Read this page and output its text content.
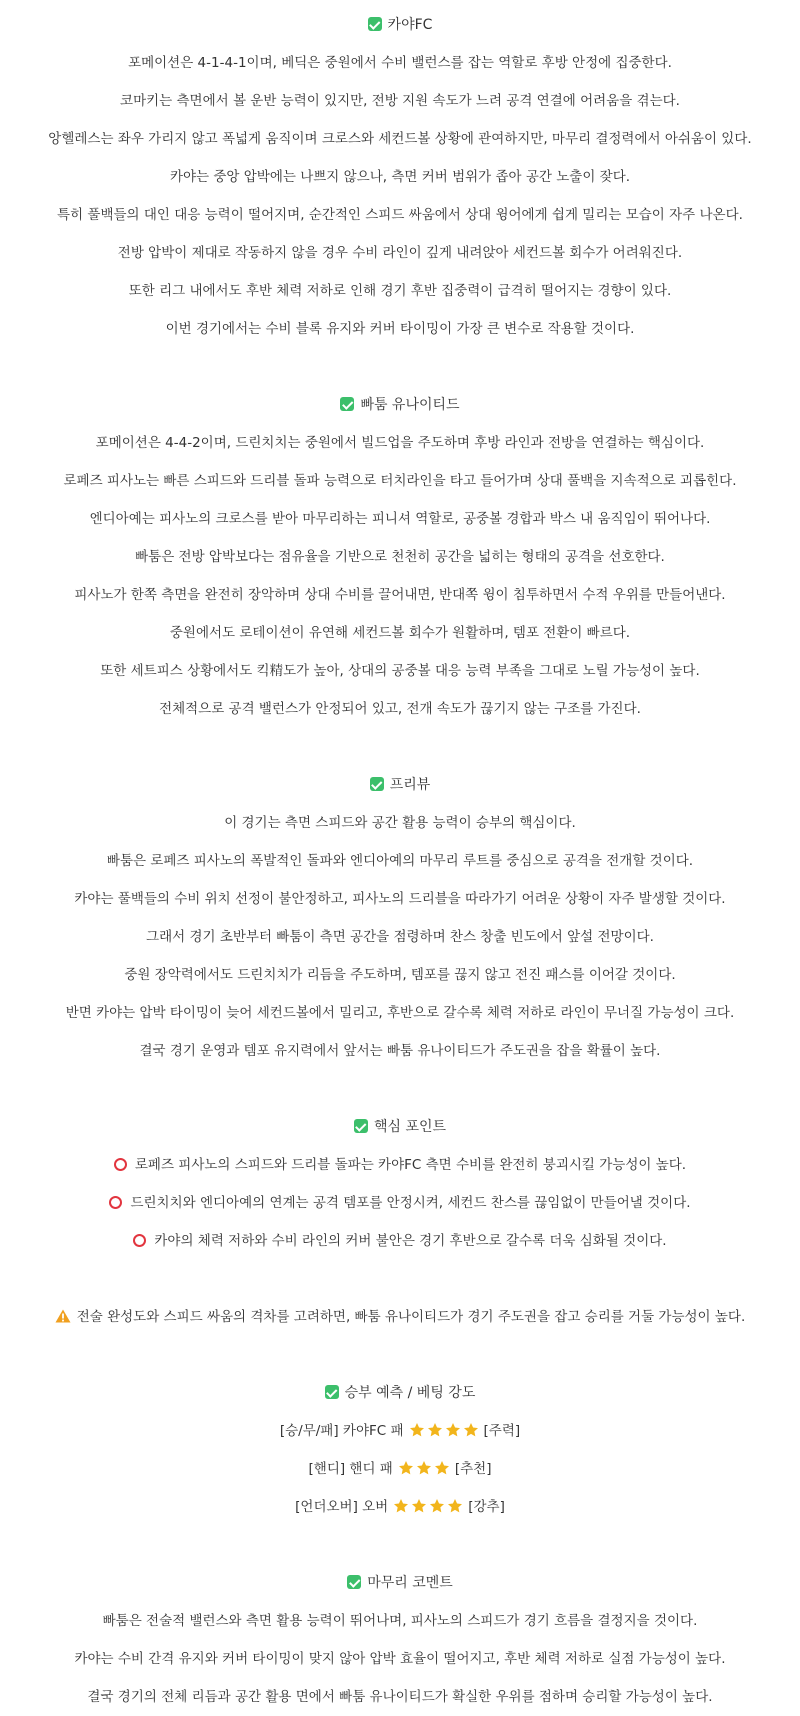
카야FC
포메이션은 4-1-4-1이며, 베딕은 중원에서 수비 밸런스를 잡는 역할로 후방 안정에 집중한다.
코마키는 측면에서 볼 운반 능력이 있지만, 전방 지원 속도가 느려 공격 연결에 어려움을 겪는다.
앙헬레스는 좌우 가리지 않고 폭넓게 움직이며 크로스와 세컨드볼 상황에 관여하지만, 마무리 결정력에서 아쉬움이 있다.
카야는 중앙 압박에는 나쁘지 않으나, 측면 커버 범위가 좁아 공간 노출이 잦다.
특히 풀백들의 대인 대응 능력이 떨어지며, 순간적인 스피드 싸움에서 상대 윙어에게 쉽게 밀리는 모습이 자주 나온다.
전방 압박이 제대로 작동하지 않을 경우 수비 라인이 깊게 내려앉아 세컨드볼 회수가 어려워진다.
또한 리그 내에서도 후반 체력 저하로 인해 경기 후반 집중력이 급격히 떨어지는 경향이 있다.
이번 경기에서는 수비 블록 유지와 커버 타이밍이 가장 큰 변수로 작용할 것이다.
빠툼 유나이티드
포메이션은 4-4-2이며, 드린치치는 중원에서 빌드업을 주도하며 후방 라인과 전방을 연결하는 핵심이다.
로페즈 피사노는 빠른 스피드와 드리블 돌파 능력으로 터치라인을 타고 들어가며 상대 풀백을 지속적으로 괴롭힌다.
엔디아예는 피사노의 크로스를 받아 마무리하는 피니셔 역할로, 공중볼 경합과 박스 내 움직임이 뛰어나다.
빠툼은 전방 압박보다는 점유율을 기반으로 천천히 공간을 넓히는 형태의 공격을 선호한다.
피사노가 한쪽 측면을 완전히 장악하며 상대 수비를 끌어내면, 반대쪽 윙이 침투하면서 수적 우위를 만들어낸다.
중원에서도 로테이션이 유연해 세컨드볼 회수가 원활하며, 템포 전환이 빠르다.
또한 세트피스 상황에서도 킥精도가 높아, 상대의 공중볼 대응 능력 부족을 그대로 노릴 가능성이 높다.
전체적으로 공격 밸런스가 안정되어 있고, 전개 속도가 끊기지 않는 구조를 가진다.
프리뷰
이 경기는 측면 스피드와 공간 활용 능력이 승부의 핵심이다.
빠툼은 로페즈 피사노의 폭발적인 돌파와 엔디아예의 마무리 루트를 중심으로 공격을 전개할 것이다.
카야는 풀백들의 수비 위치 선정이 불안정하고, 피사노의 드리블을 따라가기 어려운 상황이 자주 발생할 것이다.
그래서 경기 초반부터 빠툼이 측면 공간을 점령하며 찬스 창출 빈도에서 앞설 전망이다.
중원 장악력에서도 드린치치가 리듬을 주도하며, 템포를 끊지 않고 전진 패스를 이어갈 것이다.
반면 카야는 압박 타이밍이 늦어 세컨드볼에서 밀리고, 후반으로 갈수록 체력 저하로 라인이 무너질 가능성이 크다.
결국 경기 운영과 템포 유지력에서 앞서는 빠툼 유나이티드가 주도권을 잡을 확률이 높다.
핵심 포인트
로페즈 피사노의 스피드와 드리블 돌파는 카야FC 측면 수비를 완전히 붕괴시킬 가능성이 높다.
드린치치와 엔디아예의 연계는 공격 템포를 안정시켜, 세컨드 찬스를 끊임없이 만들어낼 것이다.
카야의 체력 저하와 수비 라인의 커버 불안은 경기 후반으로 갈수록 더욱 심화될 것이다.
전술 완성도와 스피드 싸움의 격차를 고려하면, 빠툼 유나이티드가 경기 주도권을 잡고 승리를 거둘 가능성이 높다.
승부 예측 / 베팅 강도
[승/무/패] 카야FC 패	[주력]
[핸디] 핸디 패	[추천]
[언더오버] 오버	[강추]
마무리 코멘트
빠툼은 전술적 밸런스와 측면 활용 능력이 뛰어나며, 피사노의 스피드가 경기 흐름을 결정지을 것이다.
카야는 수비 간격 유지와 커버 타이밍이 맞지 않아 압박 효율이 떨어지고, 후반 체력 저하로 실점 가능성이 높다.
결국 경기의 전체 리듬과 공간 활용 면에서 빠툼 유나이티드가 확실한 우위를 점하며 승리할 가능성이 높다.
